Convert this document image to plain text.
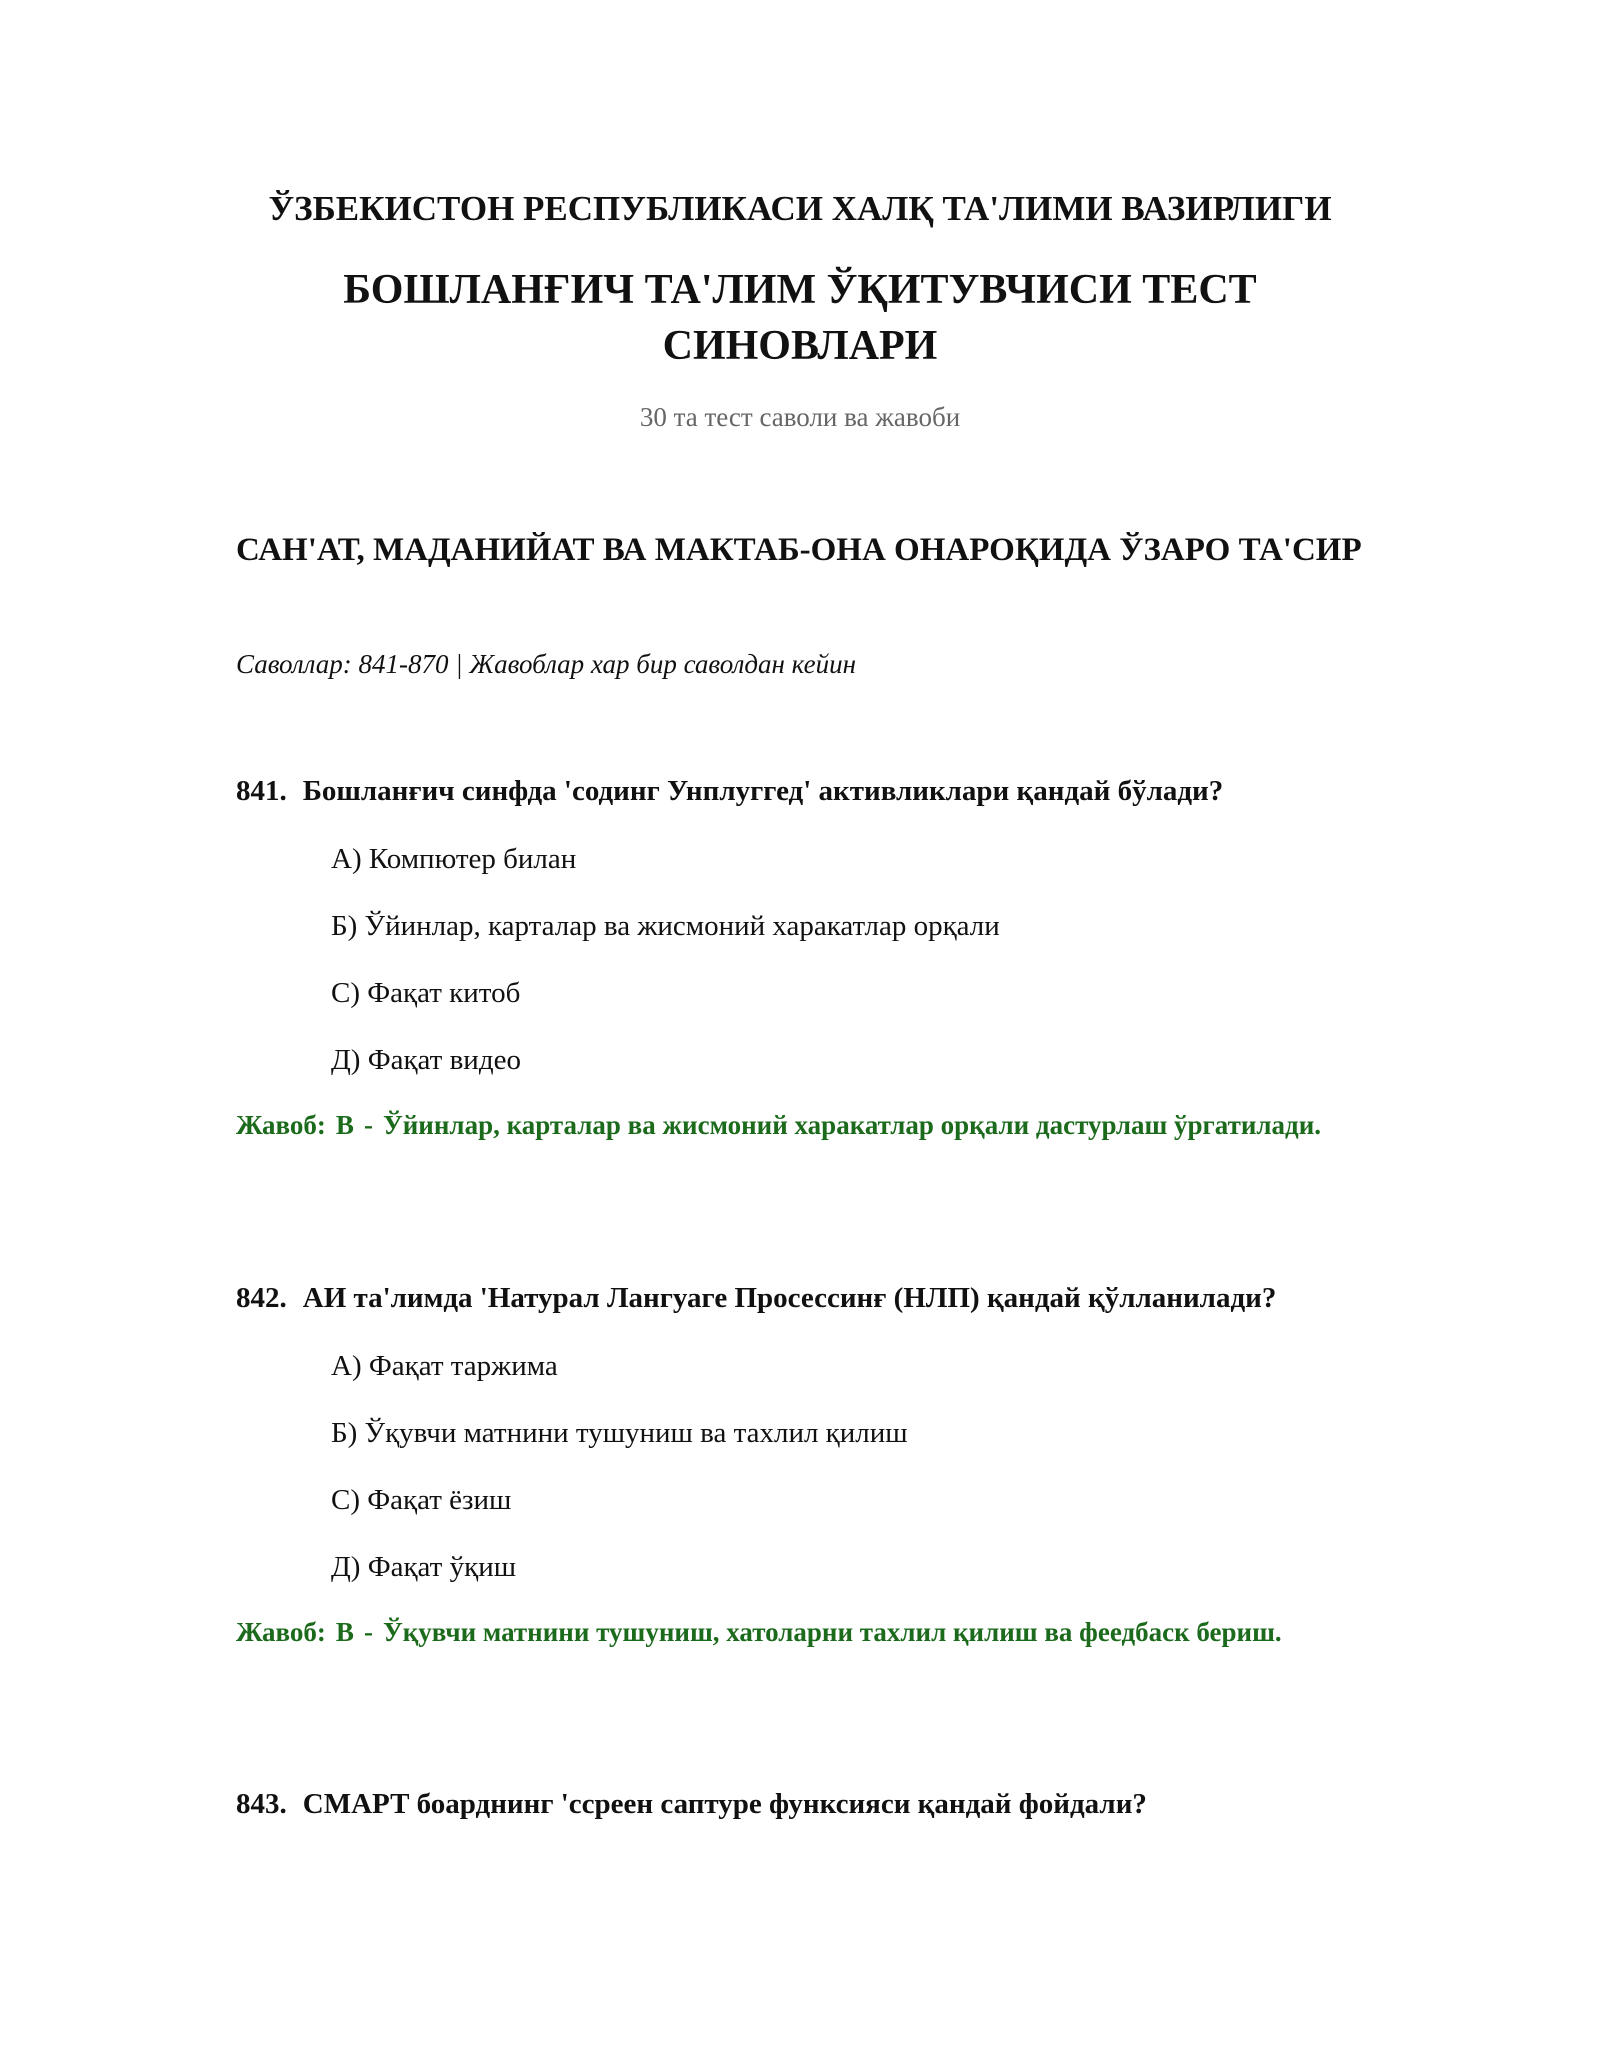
ЎЗБЕКИСТОН РЕСПУБЛИКАСИ ХАЛҚ ТА'ЛИМИ ВАЗИРЛИГИ
БОШЛАНҒИЧ ТА'ЛИМ ЎҚИТУВЧИСИ ТЕСТ СИНОВЛАРИ
30 та тест саволи ва жавоби
САН'АТ, МАДАНИЙАТ ВА МАКТАБ-ОНА ОНАРОҚИДА ЎЗАРО ТА'СИР
Саволлар: 841-870 | Жавоблар хар бир саволдан кейин
841. Бошланғич синфда 'содинг Унплуггед' активликлари қандай бўлади?
А) Компютер билан
Б) Ўйинлар, карталар ва жисмоний харакатлар орқали
С) Фақат китоб
Д) Фақат видео
Жавоб: В - Ўйинлар, карталар ва жисмоний харакатлар орқали дастурлаш ўргатилади.
842. АИ та'лимда 'Натурал Лангуаге Просессинғ (НЛП) қандай қўлланилади?
А) Фақат таржима
Б) Ўқувчи матнини тушуниш ва тахлил қилиш
С) Фақат ёзиш
Д) Фақат ўқиш
Жавоб: В - Ўқувчи матнини тушуниш, хатоларни тахлил қилиш ва феедбаск бериш.
843. СМАРТ боарднинг 'ссреен саптуре функсияси қандай фойдали?
